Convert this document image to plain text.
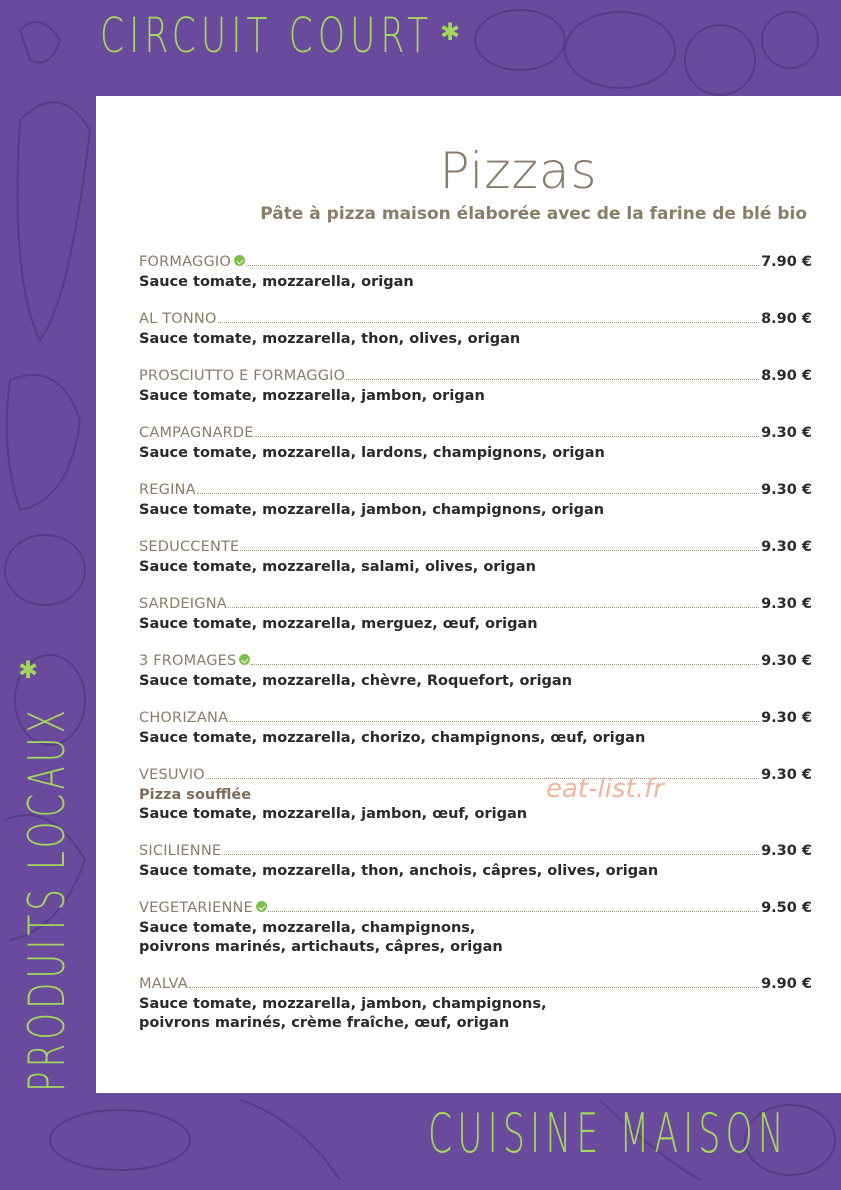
CIRCUIT COURT ✱
PRODUITS LOCAUX
✱
CUISINE MAISON
Pizzas
Pâte à pizza maison élaborée avec de la farine de blé bio
FORMAGGIO	7.90 €
Sauce tomate, mozzarella, origan
AL TONNO	8.90 €
Sauce tomate, mozzarella, thon, olives, origan
PROSCIUTTO E FORMAGGIO	8.90 €
Sauce tomate, mozzarella, jambon, origan
CAMPAGNARDE	9.30 €
Sauce tomate, mozzarella, lardons, champignons, origan
REGINA	9.30 €
Sauce tomate, mozzarella, jambon, champignons, origan
SEDUCCENTE	9.30 €
Sauce tomate, mozzarella, salami, olives, origan
SARDEIGNA	9.30 €
Sauce tomate, mozzarella, merguez, œuf, origan
3 FROMAGES	9.30 €
Sauce tomate, mozzarella, chèvre, Roquefort, origan
CHORIZANA	9.30 €
Sauce tomate, mozzarella, chorizo, champignons, œuf, origan
VESUVIO	9.30 €
Pizza soufflée
Sauce tomate, mozzarella, jambon, œuf, origan
SICILIENNE	9.30 €
Sauce tomate, mozzarella, thon, anchois, câpres, olives, origan
VEGETARIENNE	9.50 €
Sauce tomate, mozzarella, champignons,
poivrons marinés, artichauts, câpres, origan
MALVA	9.90 €
Sauce tomate, mozzarella, jambon, champignons,
poivrons marinés, crème fraîche, œuf, origan
eat-list.fr
